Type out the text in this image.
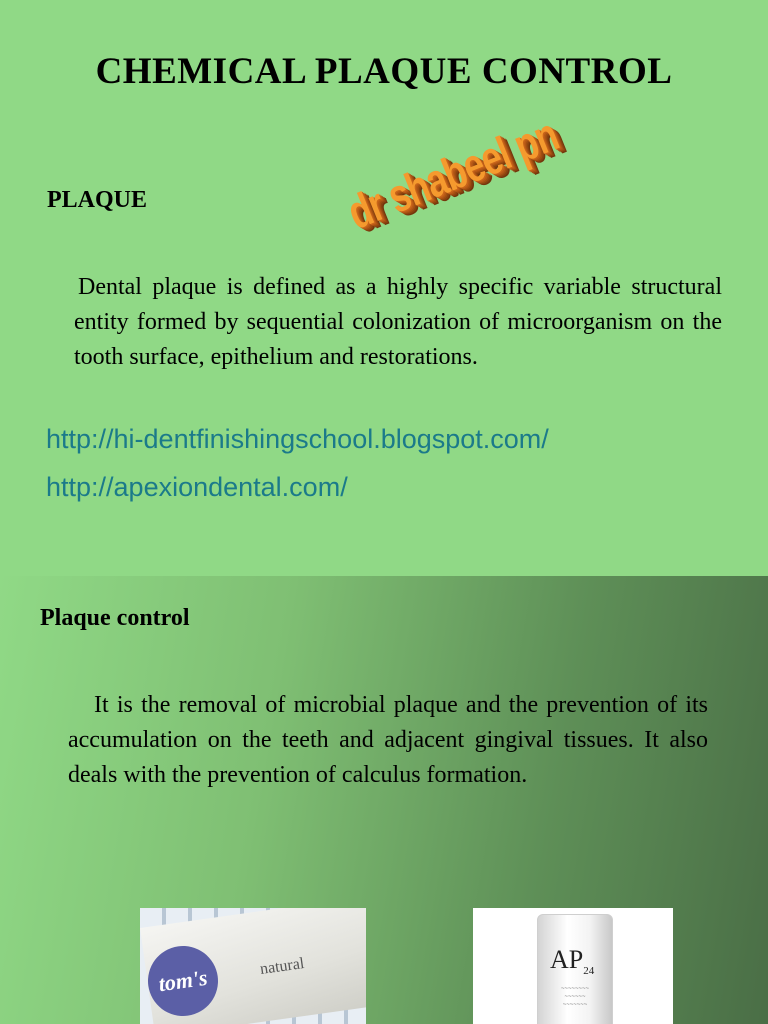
CHEMICAL PLAQUE CONTROL
dr shabeel pn
PLAQUE

Dental plaque is defined as a highly specific variable structural entity formed by sequential colonization of microorganism on the tooth surface, epithelium and restorations.

http://hi-dentfinishingschool.blogspot.com/
http://apexiondental.com/
Plaque control

It is the removal of microbial plaque and the prevention of its accumulation on the teeth and adjacent gingival tissues. It also deals with the prevention of calculus formation.

tom's	natural	$AP_{24}$
~~~~~~~~
~~~~~~
~~~~~~~
